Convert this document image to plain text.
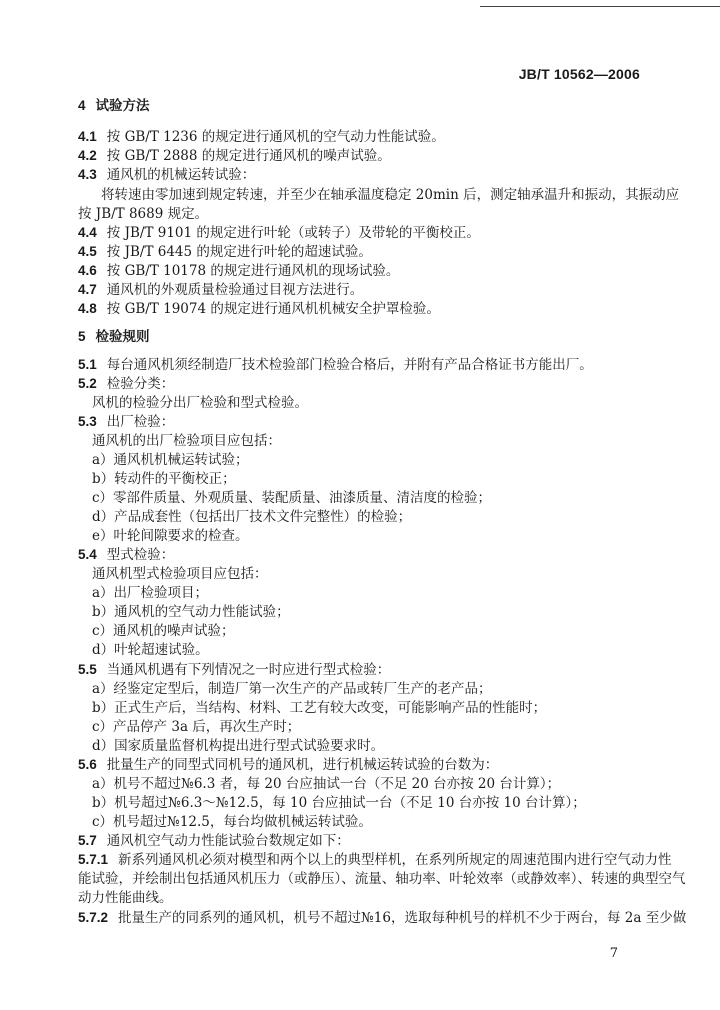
JB/T 10562—2006
4 试验方法
4.1 按 GB/T 1236 的规定进行通风机的空气动力性能试验。
4.2 按 GB/T 2888 的规定进行通风机的噪声试验。
4.3 通风机的机械运转试验：
将转速由零加速到规定转速，并至少在轴承温度稳定 20min 后，测定轴承温升和振动，其振动应
按 JB/T 8689 规定。
4.4 按 JB/T 9101 的规定进行叶轮（或转子）及带轮的平衡校正。
4.5 按 JB/T 6445 的规定进行叶轮的超速试验。
4.6 按 GB/T 10178 的规定进行通风机的现场试验。
4.7 通风机的外观质量检验通过目视方法进行。
4.8 按 GB/T 19074 的规定进行通风机机械安全护罩检验。
5 检验规则
5.1 每台通风机须经制造厂技术检验部门检验合格后，并附有产品合格证书方能出厂。
5.2 检验分类：
风机的检验分出厂检验和型式检验。
5.3 出厂检验：
通风机的出厂检验项目应包括：
a）通风机机械运转试验；
b）转动件的平衡校正；
c）零部件质量、外观质量、装配质量、油漆质量、清洁度的检验；
d）产品成套性（包括出厂技术文件完整性）的检验；
e）叶轮间隙要求的检查。
5.4 型式检验：
通风机型式检验项目应包括：
a）出厂检验项目；
b）通风机的空气动力性能试验；
c）通风机的噪声试验；
d）叶轮超速试验。
5.5 当通风机遇有下列情况之一时应进行型式检验：
a）经鉴定定型后，制造厂第一次生产的产品或转厂生产的老产品；
b）正式生产后，当结构、材料、工艺有较大改变，可能影响产品的性能时；
c）产品停产 3a 后，再次生产时；
d）国家质量监督机构提出进行型式试验要求时。
5.6 批量生产的同型式同机号的通风机，进行机械运转试验的台数为：
a）机号不超过№6.3 者，每 20 台应抽试一台（不足 20 台亦按 20 台计算）；
b）机号超过№6.3～№12.5，每 10 台应抽试一台（不足 10 台亦按 10 台计算）；
c）机号超过№12.5，每台均做机械运转试验。
5.7 通风机空气动力性能试验台数规定如下：
5.7.1 新系列通风机必须对模型和两个以上的典型样机，在系列所规定的周速范围内进行空气动力性
能试验，并绘制出包括通风机压力（或静压）、流量、轴功率、叶轮效率（或静效率）、转速的典型空气
动力性能曲线。
5.7.2 批量生产的同系列的通风机，机号不超过№16，选取每种机号的样机不少于两台，每 2a 至少做
7
